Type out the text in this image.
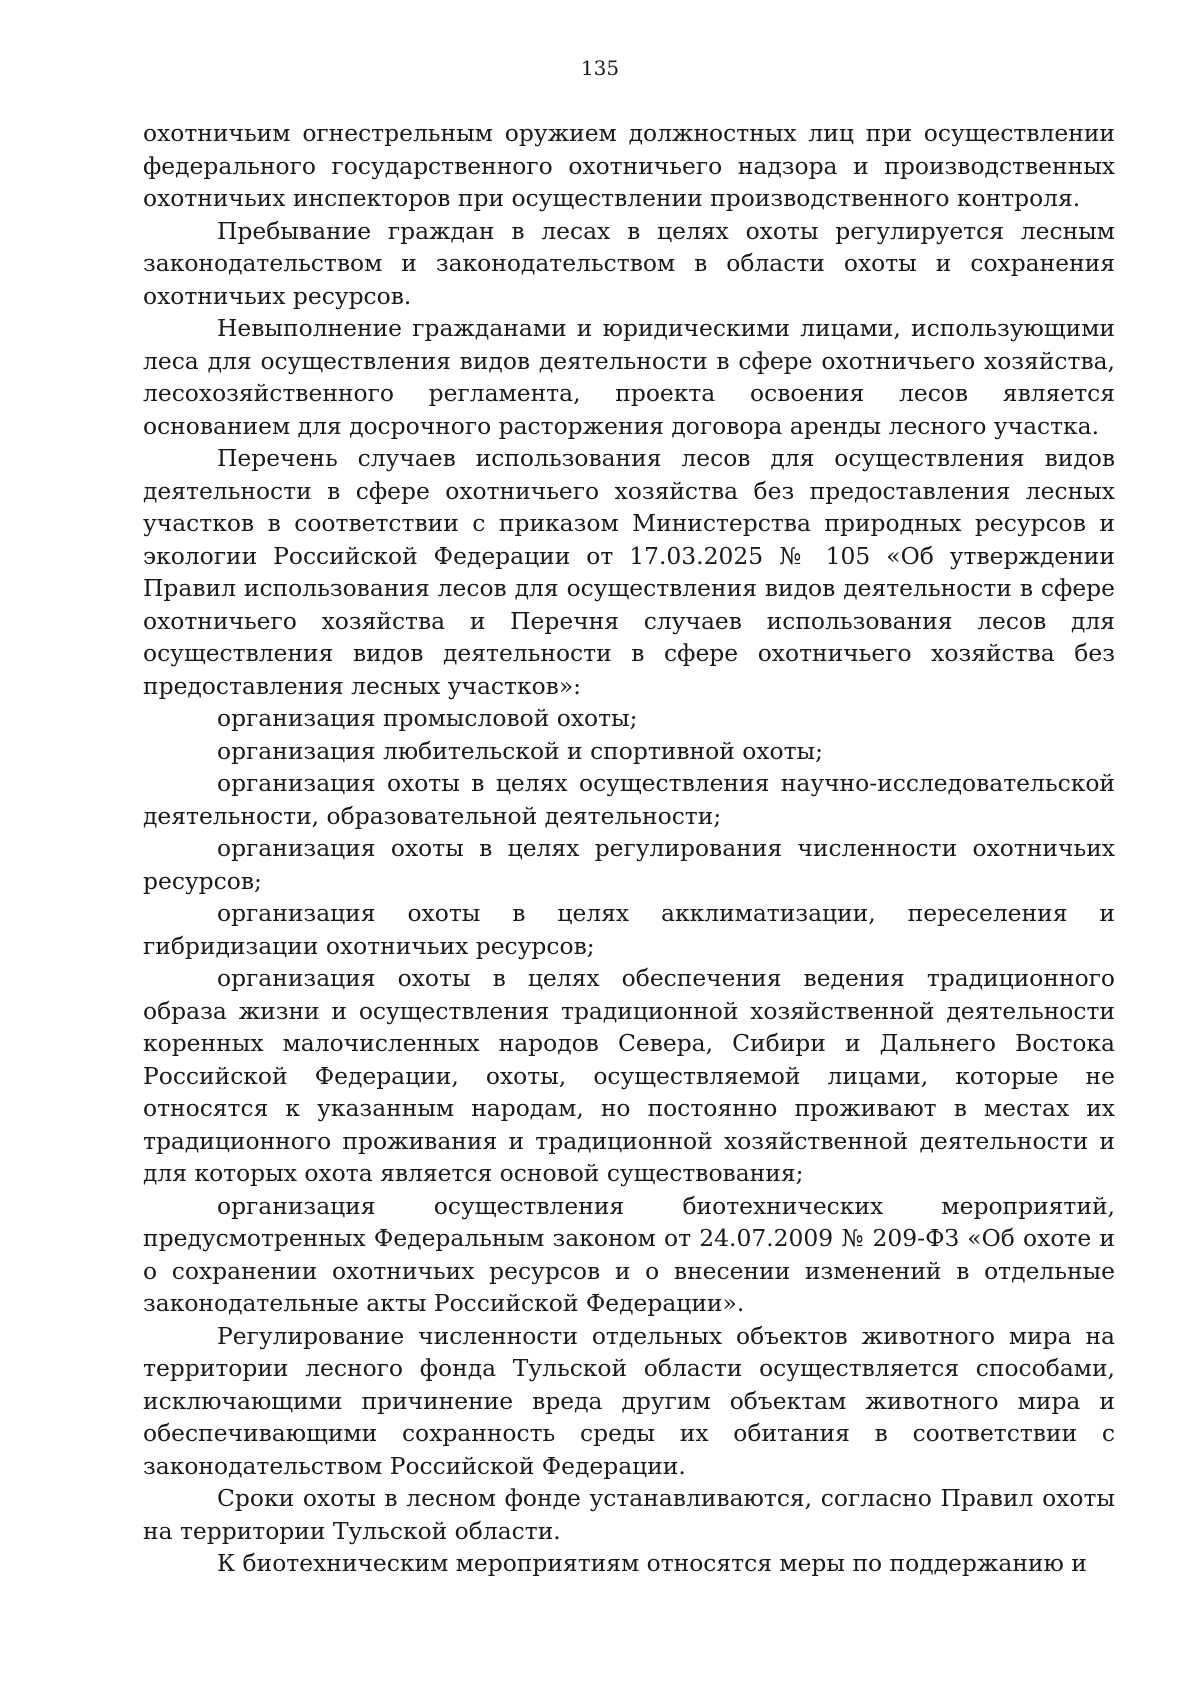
135

охотничьим огнестрельным оружием должностных лиц при осуществлении федерального государственного охотничьего надзора и производственных охотничьих инспекторов при осуществлении производственного контроля.

Пребывание граждан в лесах в целях охоты регулируется лесным законодательством и законодательством в области охоты и сохранения охотничьих ресурсов.

Невыполнение гражданами и юридическими лицами, использующими леса для осуществления видов деятельности в сфере охотничьего хозяйства, лесохозяйственного регламента, проекта освоения лесов является основанием для досрочного расторжения договора аренды лесного участка.

Перечень случаев использования лесов для осуществления видов деятельности в сфере охотничьего хозяйства без предоставления лесных участков в соответствии с приказом Министерства природных ресурсов и экологии Российской Федерации от 17.03.2025 № 105 «Об утверждении Правил использования лесов для осуществления видов деятельности в сфере охотничьего хозяйства и Перечня случаев использования лесов для осуществления видов деятельности в сфере охотничьего хозяйства без предоставления лесных участков»:

организация промысловой охоты;

организация любительской и спортивной охоты;

организация охоты в целях осуществления научно-исследовательской деятельности, образовательной деятельности;

организация охоты в целях регулирования численности охотничьих ресурсов;

организация охоты в целях акклиматизации, переселения и гибридизации охотничьих ресурсов;

организация охоты в целях обеспечения ведения традиционного образа жизни и осуществления традиционной хозяйственной деятельности коренных малочисленных народов Севера, Сибири и Дальнего Востока Российской Федерации, охоты, осуществляемой лицами, которые не относятся к указанным народам, но постоянно проживают в местах их традиционного проживания и традиционной хозяйственной деятельности и для которых охота является основой существования;

организация осуществления биотехнических мероприятий, предусмотренных Федеральным законом от 24.07.2009 № 209-ФЗ «Об охоте и о сохранении охотничьих ресурсов и о внесении изменений в отдельные законодательные акты Российской Федерации».

Регулирование численности отдельных объектов животного мира на территории лесного фонда Тульской области осуществляется способами, исключающими причинение вреда другим объектам животного мира и обеспечивающими сохранность среды их обитания в соответствии с законодательством Российской Федерации.

Сроки охоты в лесном фонде устанавливаются, согласно Правил охоты на территории Тульской области.

К биотехническим мероприятиям относятся меры по поддержанию и
